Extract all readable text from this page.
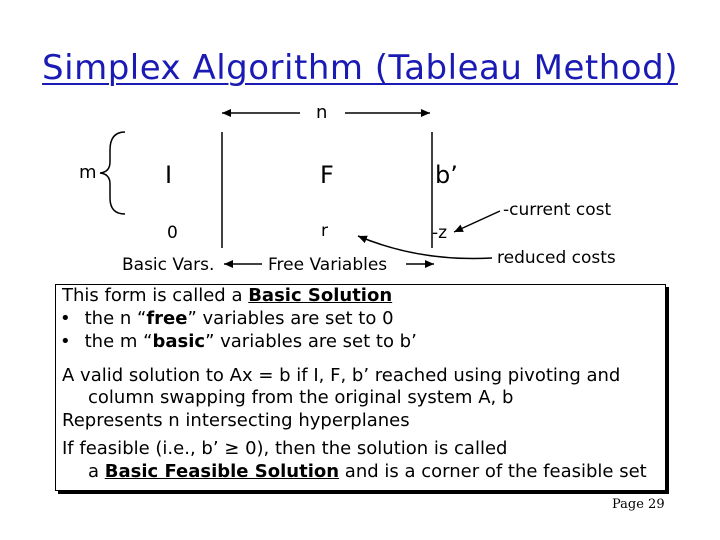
Simplex Algorithm (Tableau Method)
n
m	I	F	b’
0	r	-z
Basic Vars.	Free Variables
-current cost
reduced costs
This form is called a Basic Solution
• the n “free” variables are set to 0
• the m “basic” variables are set to b’
A valid solution to Ax = b if I, F, b’ reached using pivoting and
column swapping from the original system A, b
Represents n intersecting hyperplanes
If feasible (i.e., b’ ≥ 0), then the solution is called
a Basic Feasible Solution and is a corner of the feasible set
Page 29
